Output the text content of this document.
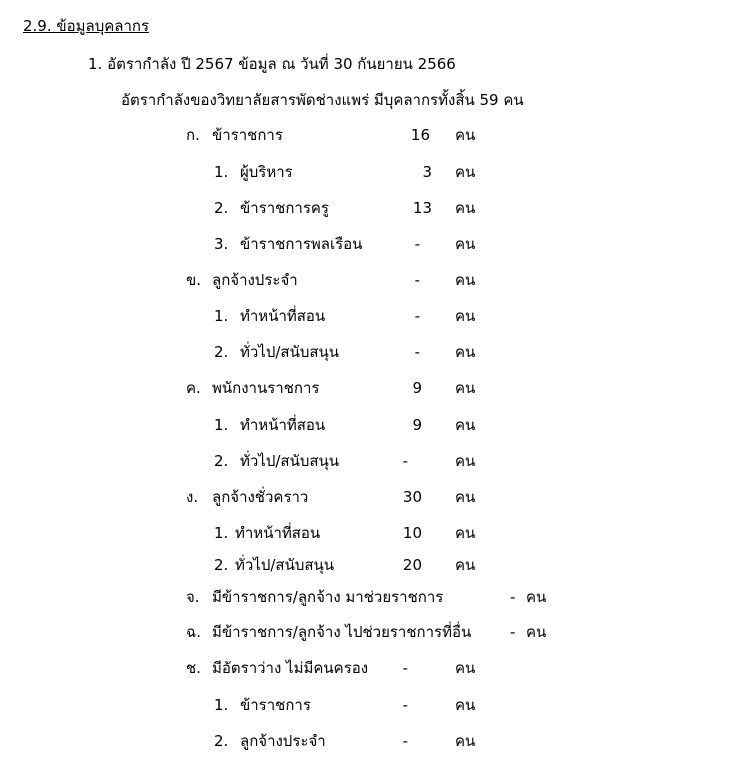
2.9. ข้อมูลบุคลากร
1. อัตรากำลัง ปี 2567 ข้อมูล ณ วันที่ 30 กันยายน 2566
อัตรากำลังของวิทยาลัยสารพัดช่างแพร่ มีบุคลากรทั้งสิ้น 59 คน
ก. ข้าราชการ	16 คน
1. ผู้บริหาร	3 คน
2. ข้าราชการครู	13 คน
3. ข้าราชการพลเรือน	- คน
ข. ลูกจ้างประจำ	- คน
1. ทำหน้าที่สอน	- คน
2. ทั่วไป/สนับสนุน	- คน
ค. พนักงานราชการ	9 คน
1. ทำหน้าที่สอน	9 คน
2. ทั่วไป/สนับสนุน	-	คน
ง. ลูกจ้างชั่วคราว	30 คน
1. ทำหน้าที่สอน	10 คน
2. ทั่วไป/สนับสนุน	20 คน
จ. มีข้าราชการ/ลูกจ้าง มาช่วยราชการ	- คน
ฉ. มีข้าราชการ/ลูกจ้าง ไปช่วยราชการที่อื่น	- คน
ช. มีอัตราว่าง ไม่มีคนครอง	-	คน
1. ข้าราชการ	-	คน
2. ลูกจ้างประจำ	-	คน
